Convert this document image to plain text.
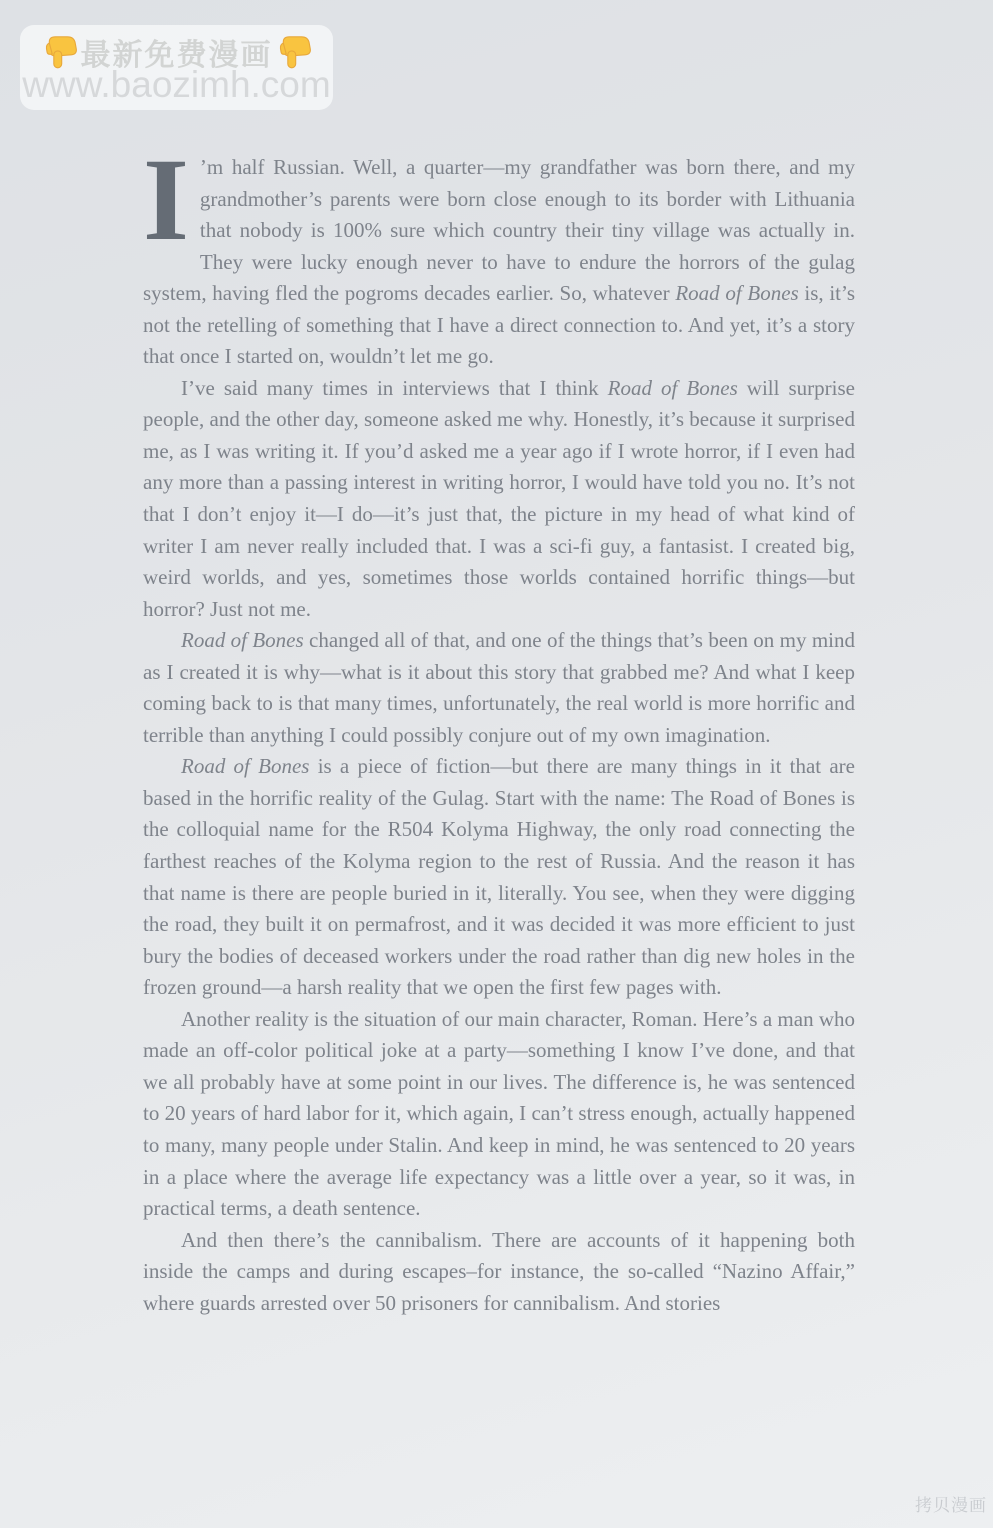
最新免费漫画
www.baozimh.com

I ’m half Russian. Well, a quarter—my grandfather was born there, and my grandmother’s parents were born close enough to its border with Lithuania that nobody is 100% sure which country their tiny village was actually in. They were lucky enough never to have to endure the horrors of the gulag system, having fled the pogroms decades earlier. So, whatever Road of Bones is, it’s not the retelling of something that I have a direct connection to. And yet, it’s a story that once I started on, wouldn’t let me go.

I’ve said many times in interviews that I think Road of Bones will surprise people, and the other day, someone asked me why. Honestly, it’s because it surprised me, as I was writing it. If you’d asked me a year ago if I wrote horror, if I even had any more than a passing interest in writing horror, I would have told you no. It’s not that I don’t enjoy it—I do—it’s just that, the picture in my head of what kind of writer I am never really included that. I was a sci-fi guy, a fantasist. I created big, weird worlds, and yes, sometimes those worlds contained horrific things—but horror? Just not me.

Road of Bones changed all of that, and one of the things that’s been on my mind as I created it is why—what is it about this story that grabbed me? And what I keep coming back to is that many times, unfortunately, the real world is more horrific and terrible than anything I could possibly conjure out of my own imagination.

Road of Bones is a piece of fiction—but there are many things in it that are based in the horrific reality of the Gulag. Start with the name: The Road of Bones is the colloquial name for the R504 Kolyma Highway, the only road connecting the farthest reaches of the Kolyma region to the rest of Russia. And the reason it has that name is there are people buried in it, literally. You see, when they were digging the road, they built it on permafrost, and it was decided it was more efficient to just bury the bodies of deceased workers under the road rather than dig new holes in the frozen ground—a harsh reality that we open the first few pages with.

Another reality is the situation of our main character, Roman. Here’s a man who made an off-color political joke at a party—something I know I’ve done, and that we all probably have at some point in our lives. The difference is, he was sentenced to 20 years of hard labor for it, which again, I can’t stress enough, actually happened to many, many people under Stalin. And keep in mind, he was sentenced to 20 years in a place where the average life expectancy was a little over a year, so it was, in practical terms, a death sentence.

And then there’s the cannibalism. There are accounts of it happening both inside the camps and during escapes–for instance, the so-called “Nazino Affair,” where guards arrested over 50 prisoners for cannibalism. And stories

拷贝漫画
